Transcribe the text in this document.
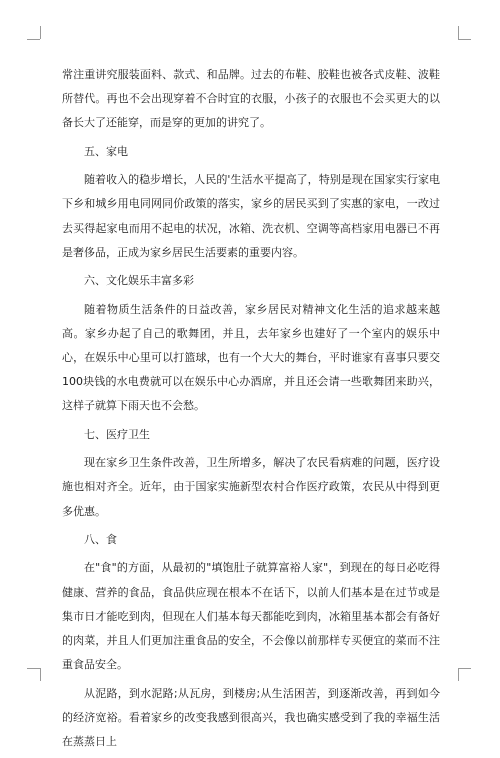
常注重讲究服装面料、款式、和品牌。过去的布鞋、胶鞋也被各式皮鞋、波鞋所替代。再也不会出现穿着不合时宜的衣服，小孩子的衣服也不会买更大的以备长大了还能穿，而是穿的更加的讲究了。

五、家电

随着收入的稳步增长，人民的'生活水平提高了，特别是现在国家实行家电下乡和城乡用电同网同价政策的落实，家乡的居民买到了实惠的家电，一改过去买得起家电而用不起电的状况，冰箱、洗衣机、空调等高档家用电器已不再是奢侈品，正成为家乡居民生活要素的重要内容。

六、文化娱乐丰富多彩

随着物质生活条件的日益改善，家乡居民对精神文化生活的追求越来越高。家乡办起了自己的歌舞团，并且，去年家乡也建好了一个室内的娱乐中心，在娱乐中心里可以打篮球，也有一个大大的舞台，平时谁家有喜事只要交100块钱的水电费就可以在娱乐中心办酒席，并且还会请一些歌舞团来助兴，这样子就算下雨天也不会愁。

七、医疗卫生

现在家乡卫生条件改善，卫生所增多，解决了农民看病难的问题，医疗设施也相对齐全。近年，由于国家实施新型农村合作医疗政策，农民从中得到更多优惠。

八、食

在"食"的方面，从最初的"填饱肚子就算富裕人家"，到现在的每日必吃得健康、营养的食品，食品供应现在根本不在话下，以前人们基本是在过节或是集市日才能吃到肉，但现在人们基本每天都能吃到肉，冰箱里基本都会有备好的肉菜，并且人们更加注重食品的安全，不会像以前那样专买便宜的菜而不注重食品安全。

从泥路，到水泥路;从瓦房，到楼房;从生活困苦，到逐渐改善，再到如今的经济宽裕。看着家乡的改变我感到很高兴，我也确实感受到了我的幸福生活在蒸蒸日上
